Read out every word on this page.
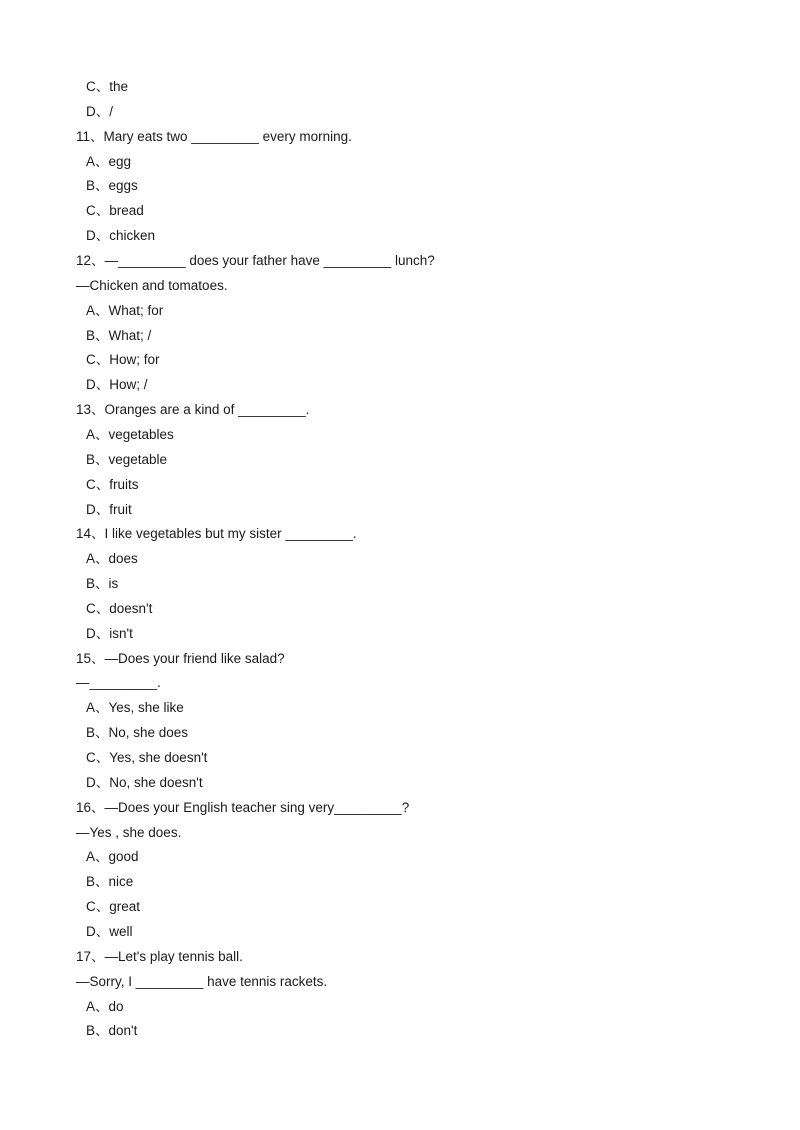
C、the
D、/
11、Mary eats two _________ every morning.
A、egg
B、eggs
C、bread
D、chicken
12、—_________ does your father have _________ lunch?
—Chicken and tomatoes.
A、What; for
B、What; /
C、How; for
D、How; /
13、Oranges are a kind of _________.
A、vegetables
B、vegetable
C、fruits
D、fruit
14、I like vegetables but my sister _________.
A、does
B、is
C、doesn't
D、isn't
15、—Does your friend like salad?
—_________.
A、Yes, she like
B、No, she does
C、Yes, she doesn't
D、No, she doesn't
16、—Does your English teacher sing very_________?
—Yes , she does.
A、good
B、nice
C、great
D、well
17、—Let's play tennis ball.
—Sorry, I _________ have tennis rackets.
A、do
B、don't
